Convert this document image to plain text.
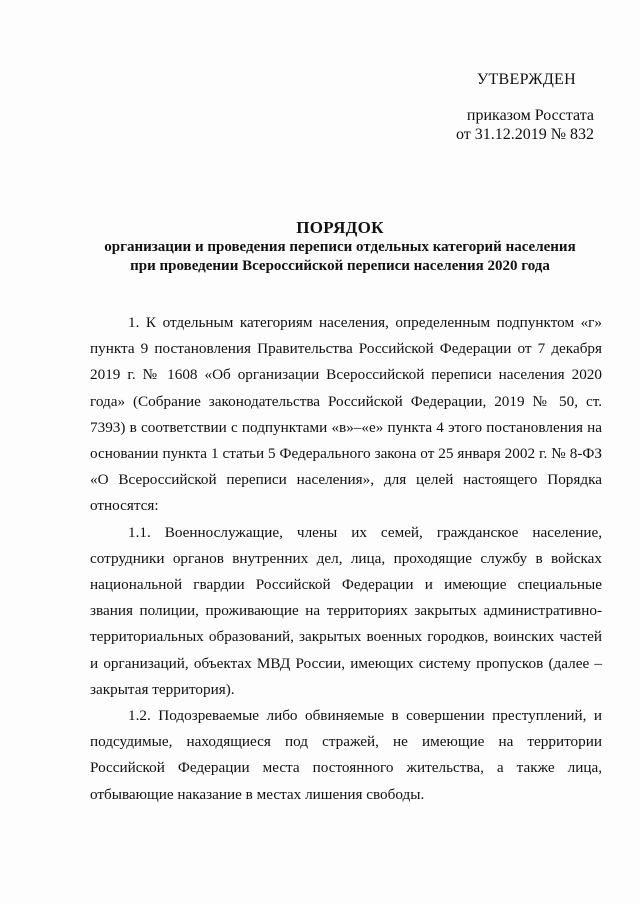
УТВЕРЖДЕН
приказом Росстата
от 31.12.2019 № 832
ПОРЯДОК
организации и проведения переписи отдельных категорий населения
при проведении Всероссийской переписи населения 2020 года

1. К отдельным категориям населения, определенным подпунктом «г» пункта 9 постановления Правительства Российской Федерации от 7 декабря 2019 г. № 1608 «Об организации Всероссийской переписи населения 2020 года» (Собрание законодательства Российской Федерации, 2019 № 50, ст. 7393) в соответствии с подпунктами «в»–«е» пункта 4 этого постановления на основании пункта 1 статьи 5 Федерального закона от 25 января 2002 г. № 8-ФЗ «О Всероссийской переписи населения», для целей настоящего Порядка относятся:

1.1. Военнослужащие, члены их семей, гражданское население, сотрудники органов внутренних дел, лица, проходящие службу в войсках национальной гвардии Российской Федерации и имеющие специальные звания полиции, проживающие на территориях закрытых административно-территориальных образований, закрытых военных городков, воинских частей и организаций, объектах МВД России, имеющих систему пропусков (далее – закрытая территория).

1.2. Подозреваемые либо обвиняемые в совершении преступлений, и подсудимые, находящиеся под стражей, не имеющие на территории Российской Федерации места постоянного жительства, а также лица, отбывающие наказание в местах лишения свободы.
